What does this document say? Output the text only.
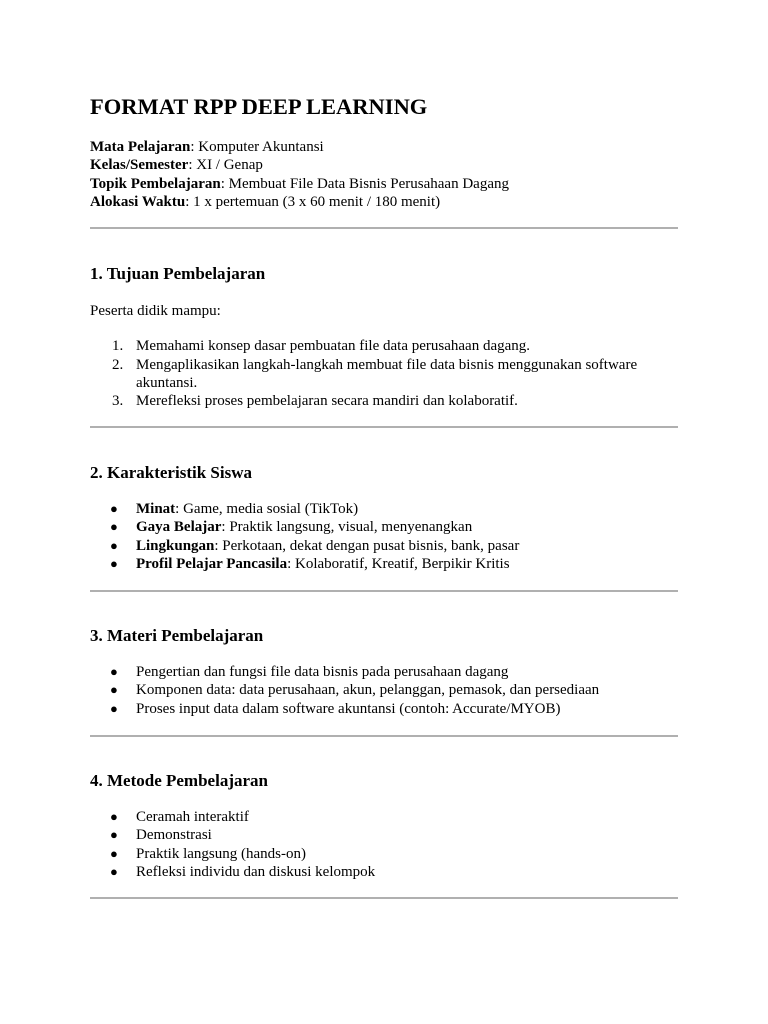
FORMAT RPP DEEP LEARNING
Mata Pelajaran: Komputer Akuntansi
Kelas/Semester: XI / Genap
Topik Pembelajaran: Membuat File Data Bisnis Perusahaan Dagang
Alokasi Waktu: 1 x pertemuan (3 x 60 menit / 180 menit)
1. Tujuan Pembelajaran
Peserta didik mampu:
1. Memahami konsep dasar pembuatan file data perusahaan dagang.
2. Mengaplikasikan langkah-langkah membuat file data bisnis menggunakan software akuntansi.
3. Merefleksi proses pembelajaran secara mandiri dan kolaboratif.
2. Karakteristik Siswa
● Minat: Game, media sosial (TikTok)
● Gaya Belajar: Praktik langsung, visual, menyenangkan
● Lingkungan: Perkotaan, dekat dengan pusat bisnis, bank, pasar
● Profil Pelajar Pancasila: Kolaboratif, Kreatif, Berpikir Kritis
3. Materi Pembelajaran
● Pengertian dan fungsi file data bisnis pada perusahaan dagang
● Komponen data: data perusahaan, akun, pelanggan, pemasok, dan persediaan
● Proses input data dalam software akuntansi (contoh: Accurate/MYOB)
4. Metode Pembelajaran
● Ceramah interaktif
● Demonstrasi
● Praktik langsung (hands-on)
● Refleksi individu dan diskusi kelompok
